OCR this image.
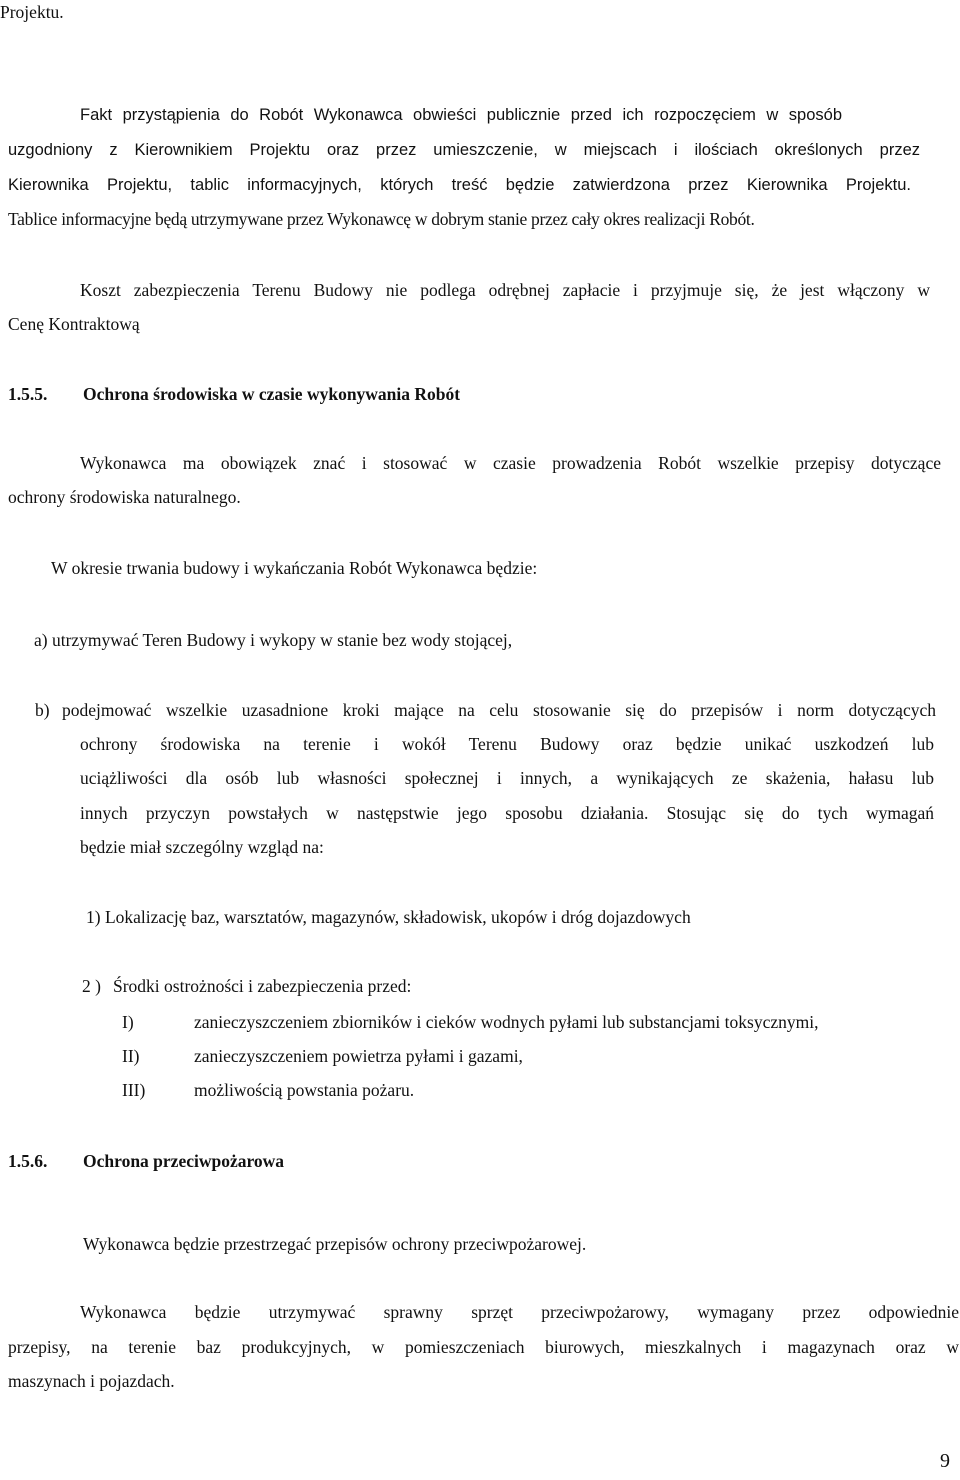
Projektu.
Fakt przystąpienia do Robót Wykonawca obwieści publicznie przed ich rozpoczęciem w sposób
uzgodniony z Kierownikiem Projektu oraz przez umieszczenie, w miejscach i ilościach określonych przez
Kierownika Projektu, tablic informacyjnych, których treść będzie zatwierdzona przez Kierownika Projektu.
Tablice informacyjne będą utrzymywane przez Wykonawcę w dobrym stanie przez cały okres realizacji Robót.
Koszt zabezpieczenia Terenu Budowy nie podlega odrębnej zapłacie i przyjmuje się, że jest włączony w
Cenę Kontraktową
1.5.5. Ochrona środowiska w czasie wykonywania Robót
Wykonawca ma obowiązek znać i stosować w czasie prowadzenia Robót wszelkie przepisy dotyczące
ochrony środowiska naturalnego.
W okresie trwania budowy i wykańczania Robót Wykonawca będzie:
a) utrzymywać Teren Budowy i wykopy w stanie bez wody stojącej,
b) podejmować wszelkie uzasadnione kroki mające na celu stosowanie się do przepisów i norm dotyczących
ochrony środowiska na terenie i wokół Terenu Budowy oraz będzie unikać uszkodzeń lub
uciążliwości dla osób lub własności społecznej i innych, a wynikających ze skażenia, hałasu lub
innych przyczyn powstałych w następstwie jego sposobu działania. Stosując się do tych wymagań
będzie miał szczególny wzgląd na:
1) Lokalizację baz, warsztatów, magazynów, składowisk, ukopów i dróg dojazdowych
2 ) Środki ostrożności i zabezpieczenia przed:
I)	zanieczyszczeniem zbiorników i cieków wodnych pyłami lub substancjami toksycznymi,
II)	zanieczyszczeniem powietrza pyłami i gazami,
III)	możliwością powstania pożaru.
1.5.6. Ochrona przeciwpożarowa
Wykonawca będzie przestrzegać przepisów ochrony przeciwpożarowej.
Wykonawca będzie utrzymywać sprawny sprzęt przeciwpożarowy, wymagany przez odpowiednie
przepisy, na terenie baz produkcyjnych, w pomieszczeniach biurowych, mieszkalnych i magazynach oraz w
maszynach i pojazdach.
9
